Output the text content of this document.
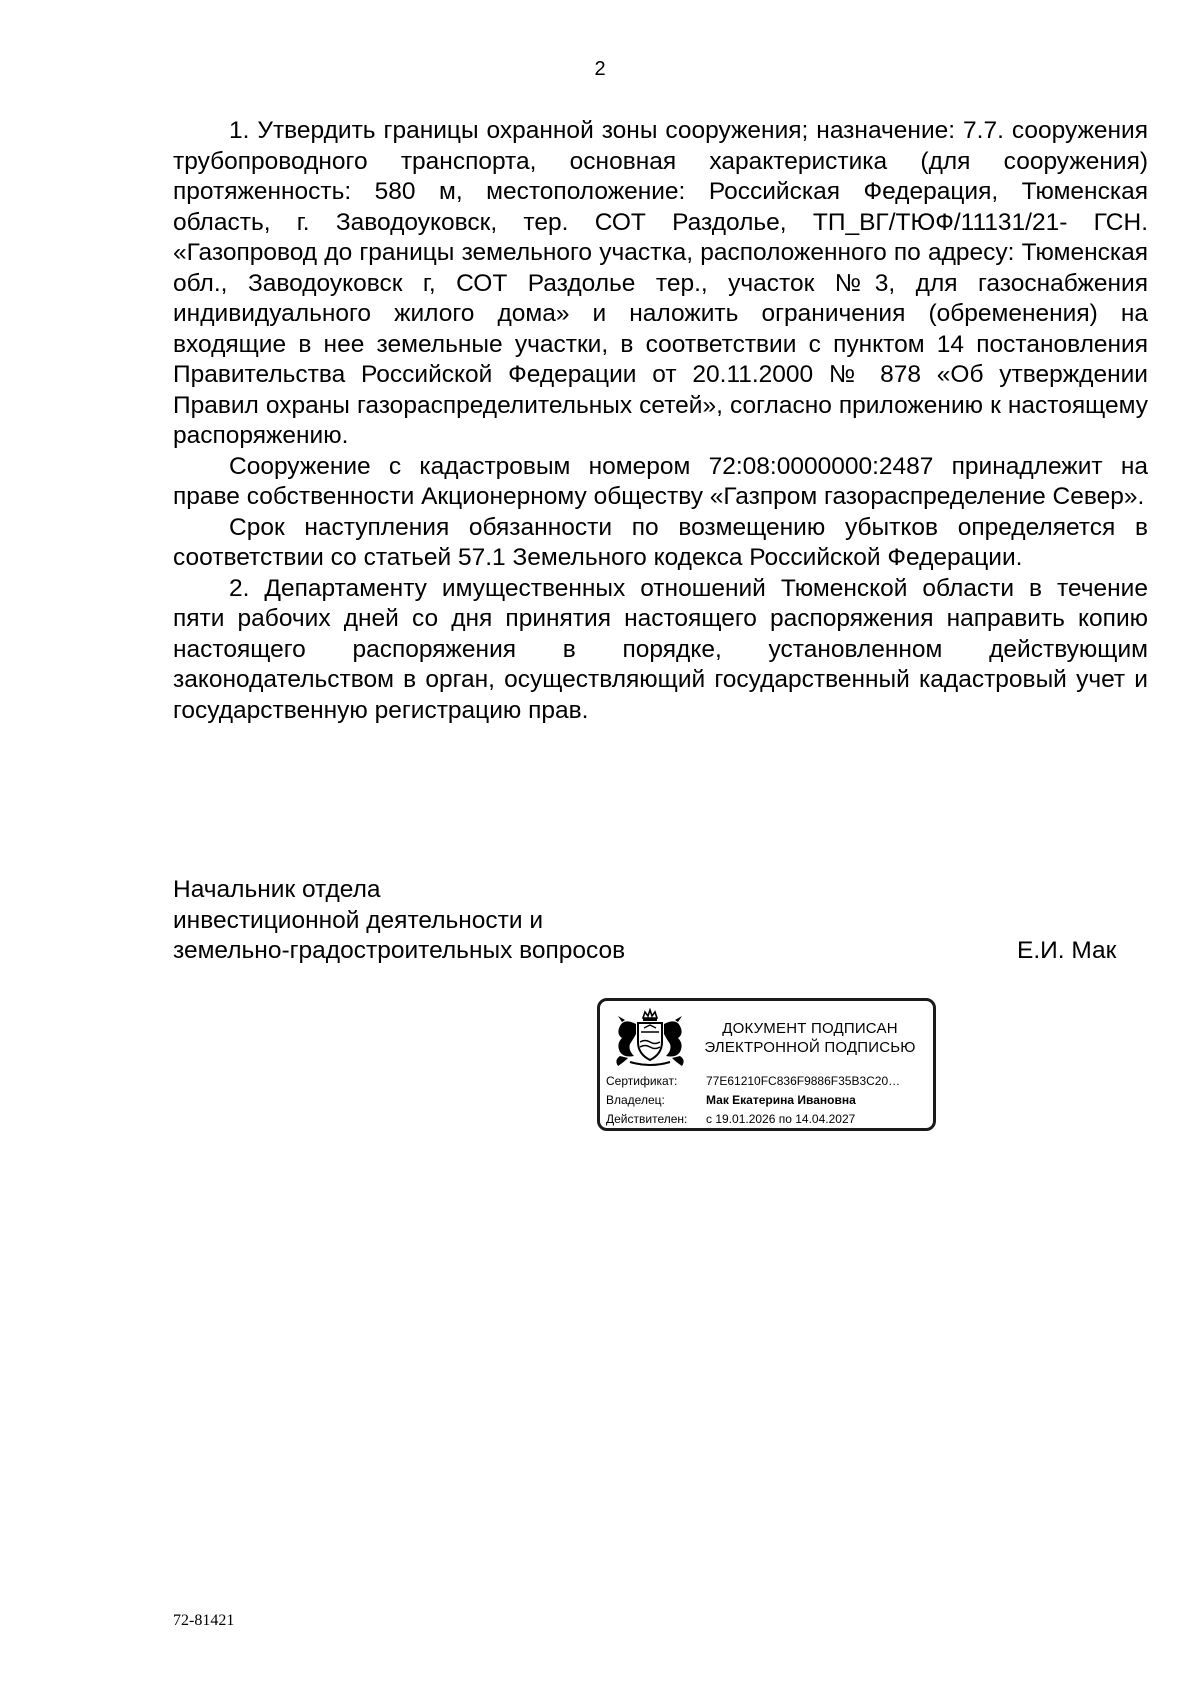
2

1. Утвердить границы охранной зоны сооружения; назначение: 7.7. сооружения трубопроводного транспорта, основная характеристика (для сооружения) протяженность: 580 м, местоположение: Российская Федерация, Тюменская область, г. Заводоуковск, тер. СОТ Раздолье, ТП_ВГ/ТЮФ/11131/21- ГСН. «Газопровод до границы земельного участка, расположенного по адресу: Тюменская обл., Заводоуковск г, СОТ Раздолье тер., участок №3, для газоснабжения индивидуального жилого дома» и наложить ограничения (обременения) на входящие в нее земельные участки, в соответствии с пунктом 14 постановления Правительства Российской Федерации от 20.11.2000 № 878 «Об утверждении Правил охраны газораспределительных сетей», согласно приложению к настоящему распоряжению.

Сооружение с кадастровым номером 72:08:0000000:2487 принадлежит на праве собственности Акционерному обществу «Газпром газораспределение Север».

Срок наступления обязанности по возмещению убытков определяется в соответствии со статьей 57.1 Земельного кодекса Российской Федерации.

2. Департаменту имущественных отношений Тюменской области в течение пяти рабочих дней со дня принятия настоящего распоряжения направить копию настоящего распоряжения в порядке, установленном действующим законодательством в орган, осуществляющий государственный кадастровый учет и государственную регистрацию прав.

Начальник отдела
инвестиционной деятельности и
земельно-градостроительных вопросов	Е.И. Мак
ДОКУМЕНТ ПОДПИСАН
ЭЛЕКТРОННОЙ ПОДПИСЬЮ
Сертификат: 77E61210FC836F9886F35B3C20…
Владелец:	Мак Екатерина Ивановна
Действителен: с 19.01.2026 по 14.04.2027
72-81421
